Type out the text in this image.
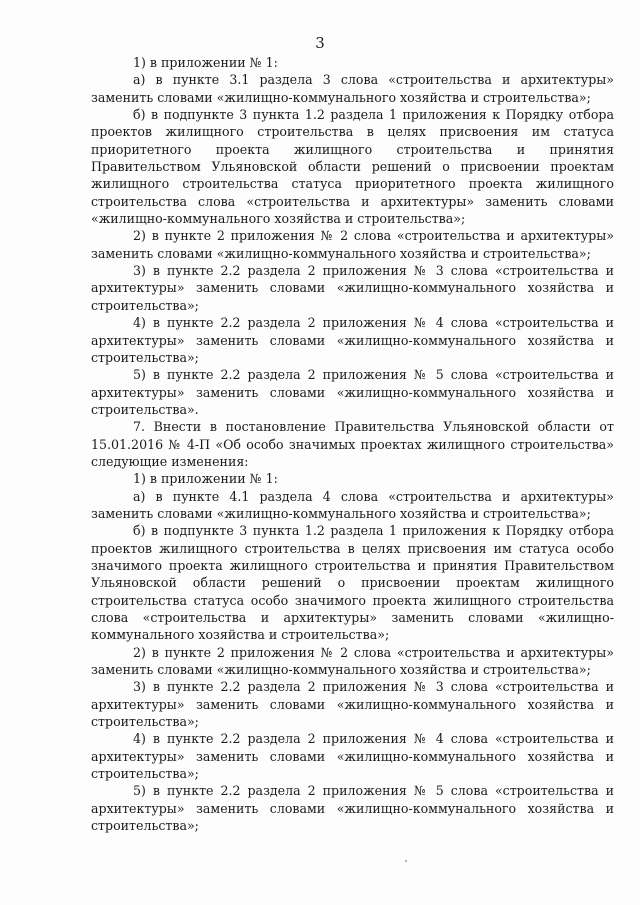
3

1) в приложении № 1:

а) в пункте 3.1 раздела 3 слова «строительства и архитектуры» заменить словами «жилищно-коммунального хозяйства и строительства»;

б) в подпункте 3 пункта 1.2 раздела 1 приложения к Порядку отбора проектов жилищного строительства в целях присвоения им статуса приоритетного проекта жилищного строительства и принятия Правительством Ульяновской области решений о присвоении проектам жилищного строительства статуса приоритетного проекта жилищного строительства слова «строительства и архитектуры» заменить словами «жилищно-коммунального хозяйства и строительства»;

2) в пункте 2 приложения № 2 слова «строительства и архитектуры» заменить словами «жилищно-коммунального хозяйства и строительства»;

3) в пункте 2.2 раздела 2 приложения № 3 слова «строительства и архитектуры» заменить словами «жилищно-коммунального хозяйства и строительства»;

4) в пункте 2.2 раздела 2 приложения № 4 слова «строительства и архитектуры» заменить словами «жилищно-коммунального хозяйства и строительства»;

5) в пункте 2.2 раздела 2 приложения № 5 слова «строительства и архитектуры» заменить словами «жилищно-коммунального хозяйства и строительства».

7. Внести в постановление Правительства Ульяновской области от 15.01.2016 № 4-П «Об особо значимых проектах жилищного строительства» следующие изменения:

1) в приложении № 1:

а) в пункте 4.1 раздела 4 слова «строительства и архитектуры» заменить словами «жилищно-коммунального хозяйства и строительства»;

б) в подпункте 3 пункта 1.2 раздела 1 приложения к Порядку отбора проектов жилищного строительства в целях присвоения им статуса особо значимого проекта жилищного строительства и принятия Правительством Ульяновской области решений о присвоении проектам жилищного строительства статуса особо значимого проекта жилищного строительства слова «строительства и архитектуры» заменить словами «жилищно-коммунального хозяйства и строительства»;

2) в пункте 2 приложения № 2 слова «строительства и архитектуры» заменить словами «жилищно-коммунального хозяйства и строительства»;

3) в пункте 2.2 раздела 2 приложения № 3 слова «строительства и архитектуры» заменить словами «жилищно-коммунального хозяйства и строительства»;

4) в пункте 2.2 раздела 2 приложения № 4 слова «строительства и архитектуры» заменить словами «жилищно-коммунального хозяйства и строительства»;

5) в пункте 2.2 раздела 2 приложения № 5 слова «строительства и архитектуры» заменить словами «жилищно-коммунального хозяйства и строительства»;
